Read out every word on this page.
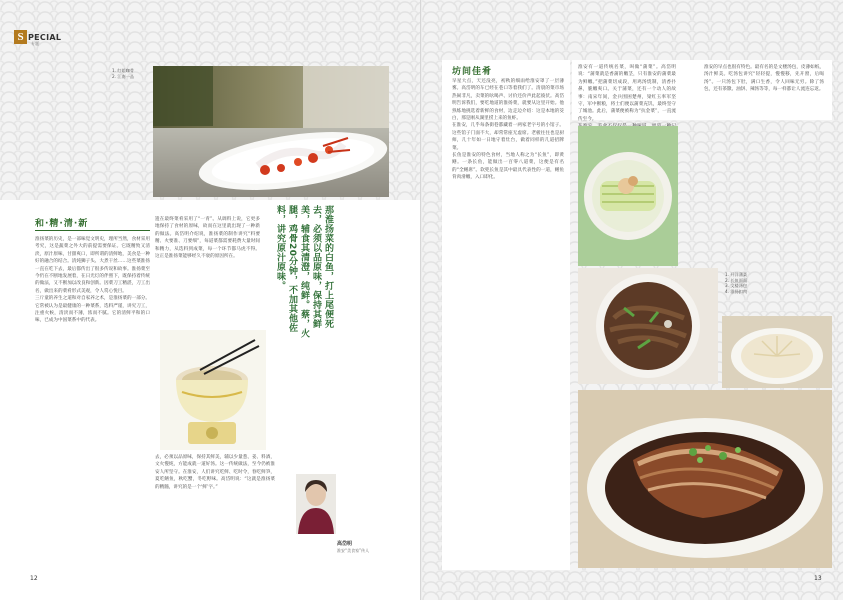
S PECIAL
专题
1. 红姐咖骨
2. 江南一品
和·精·清·新
淮扬菜的历史，是一部味觉文明史，理所当然，食材采用考究，这是蔬菜之外大的前提需要保证。它既精致又清淡，原汁原味，甘甜爽口，即所谓的清鲜地，美食是一种好的融合的结合。清炖狮子头、大煮干丝……这些菜淮扬一直在吃下去，最后都传出了很多传说和故事。淮扬菜至今仍在不断地发展着，在日光灯的伴照下，既保持着传统的做法，又不断加以改良和创新。因菜刀工精湛，刀工出名，做出来的菜肴形式美观，令人赏心悦目。
三斤童的养生之道和对自家养之术，是淮扬菜的一部分。它常被认为是最健康的一种菜系，选料严谨，讲究刀工，注重火候，清淡而不薄，浓而不腻。它的清鲜平和的口味，已成为中国菜系中的代表。
遗在最终菜肴采用了“一青”。从调料上说，它更多地保持了食材的原味，故而在这里就出现了一种新的做法。高岱明介绍说，淮扬菜的制作讲究“料要精、火要准、刀要细”，每道菜都需要耗费大量时间和精力，从选料到成菜，每一个环节都马虎不得。这正是淮扬菜能够经久不衰的原因所在。	那淮扬菜的白鱼，打上尾便死去，必须以品原味，保持其鲜美，辅食其清澄，纯鲜。蔡，火腿，鸡骨20分钟，不加其他佐料，讲究原汁原味。
去，必须以品原味，保持其鲜美，辅以少量葱、姜、料酒，文火慢炖，方能成就一道好汤。这一传统做法，至今仍被淮安人所坚守。在淮安，人们讲究吃鲜、吃时令，春吃鲜笋，夏吃鳝鱼，秋吃蟹，冬吃野味。高岱明说：“这就是淮扬菜的精髓，讲究的是一个‘鲜’字。”
高岱明
淮安“美食家”传人
12
坊间佳肴
早星大点，天还没亮，初秋的细雨给淮安罩了一层薄雾。高岱明的车已经在巷口等着我们了。清晨的菜市场热闹非凡，卖菜的吆喝声、讨价还价声此起彼伏。高岱明告诉我们，要吃地道的淮扬菜，就要从这里开始。他熟练地挑选着新鲜的食材，边走边介绍：这是本地的茭白，那是刚从湖里捞上来的鱼虾。
在淮安，几乎每条街巷都藏着一两家老字号的小馆子。这些馆子门面不大，却常常座无虚席。老板往往也是厨师，几十年如一日地守着灶台，做着同样的几道招牌菜。
长鱼是淮安的特色食材，当地人称之为“长鱼”，即黄鳝。一条长鱼，能做出一百零八道菜，这便是有名的“全鳝席”。软兜长鱼是其中最具代表性的一道，鳝鱼背肉滑嫩，入口即化。
淮安有一道传统名菜，叫做“蒲菜”。高岱明说：“蒲菜就是香蒲的嫩茎，只有淮安的蒲菜最为鲜嫩。”把蒲菜切成段，用鸡汤烧制，清香扑鼻，脆嫩爽口。关于蒲菜，还有一个动人的故事：南宋年间，金兵围困楚州，梁红玉率军坚守，军中断粮，将士们便以蒲菜充饥，最终坚守了城池。此后，蒲菜便被称为“抗金菜”，一直流传至今。

淮安的早点也很有特色。最有名的是文楼汤包，皮薄如纸，汤汁鲜美。吃汤包讲究“轻轻提，慢慢移，先开窗，后喝汤”。一只汤包下肚，满口生香，令人回味无穷。除了汤包，还有茶馓、油饼、辣汤等等，每一样都让人流连忘返。
1. 开洋蒲菜
2. 长鱼面面
3. 文楼汤包
4. 淮扬扣肉
13
